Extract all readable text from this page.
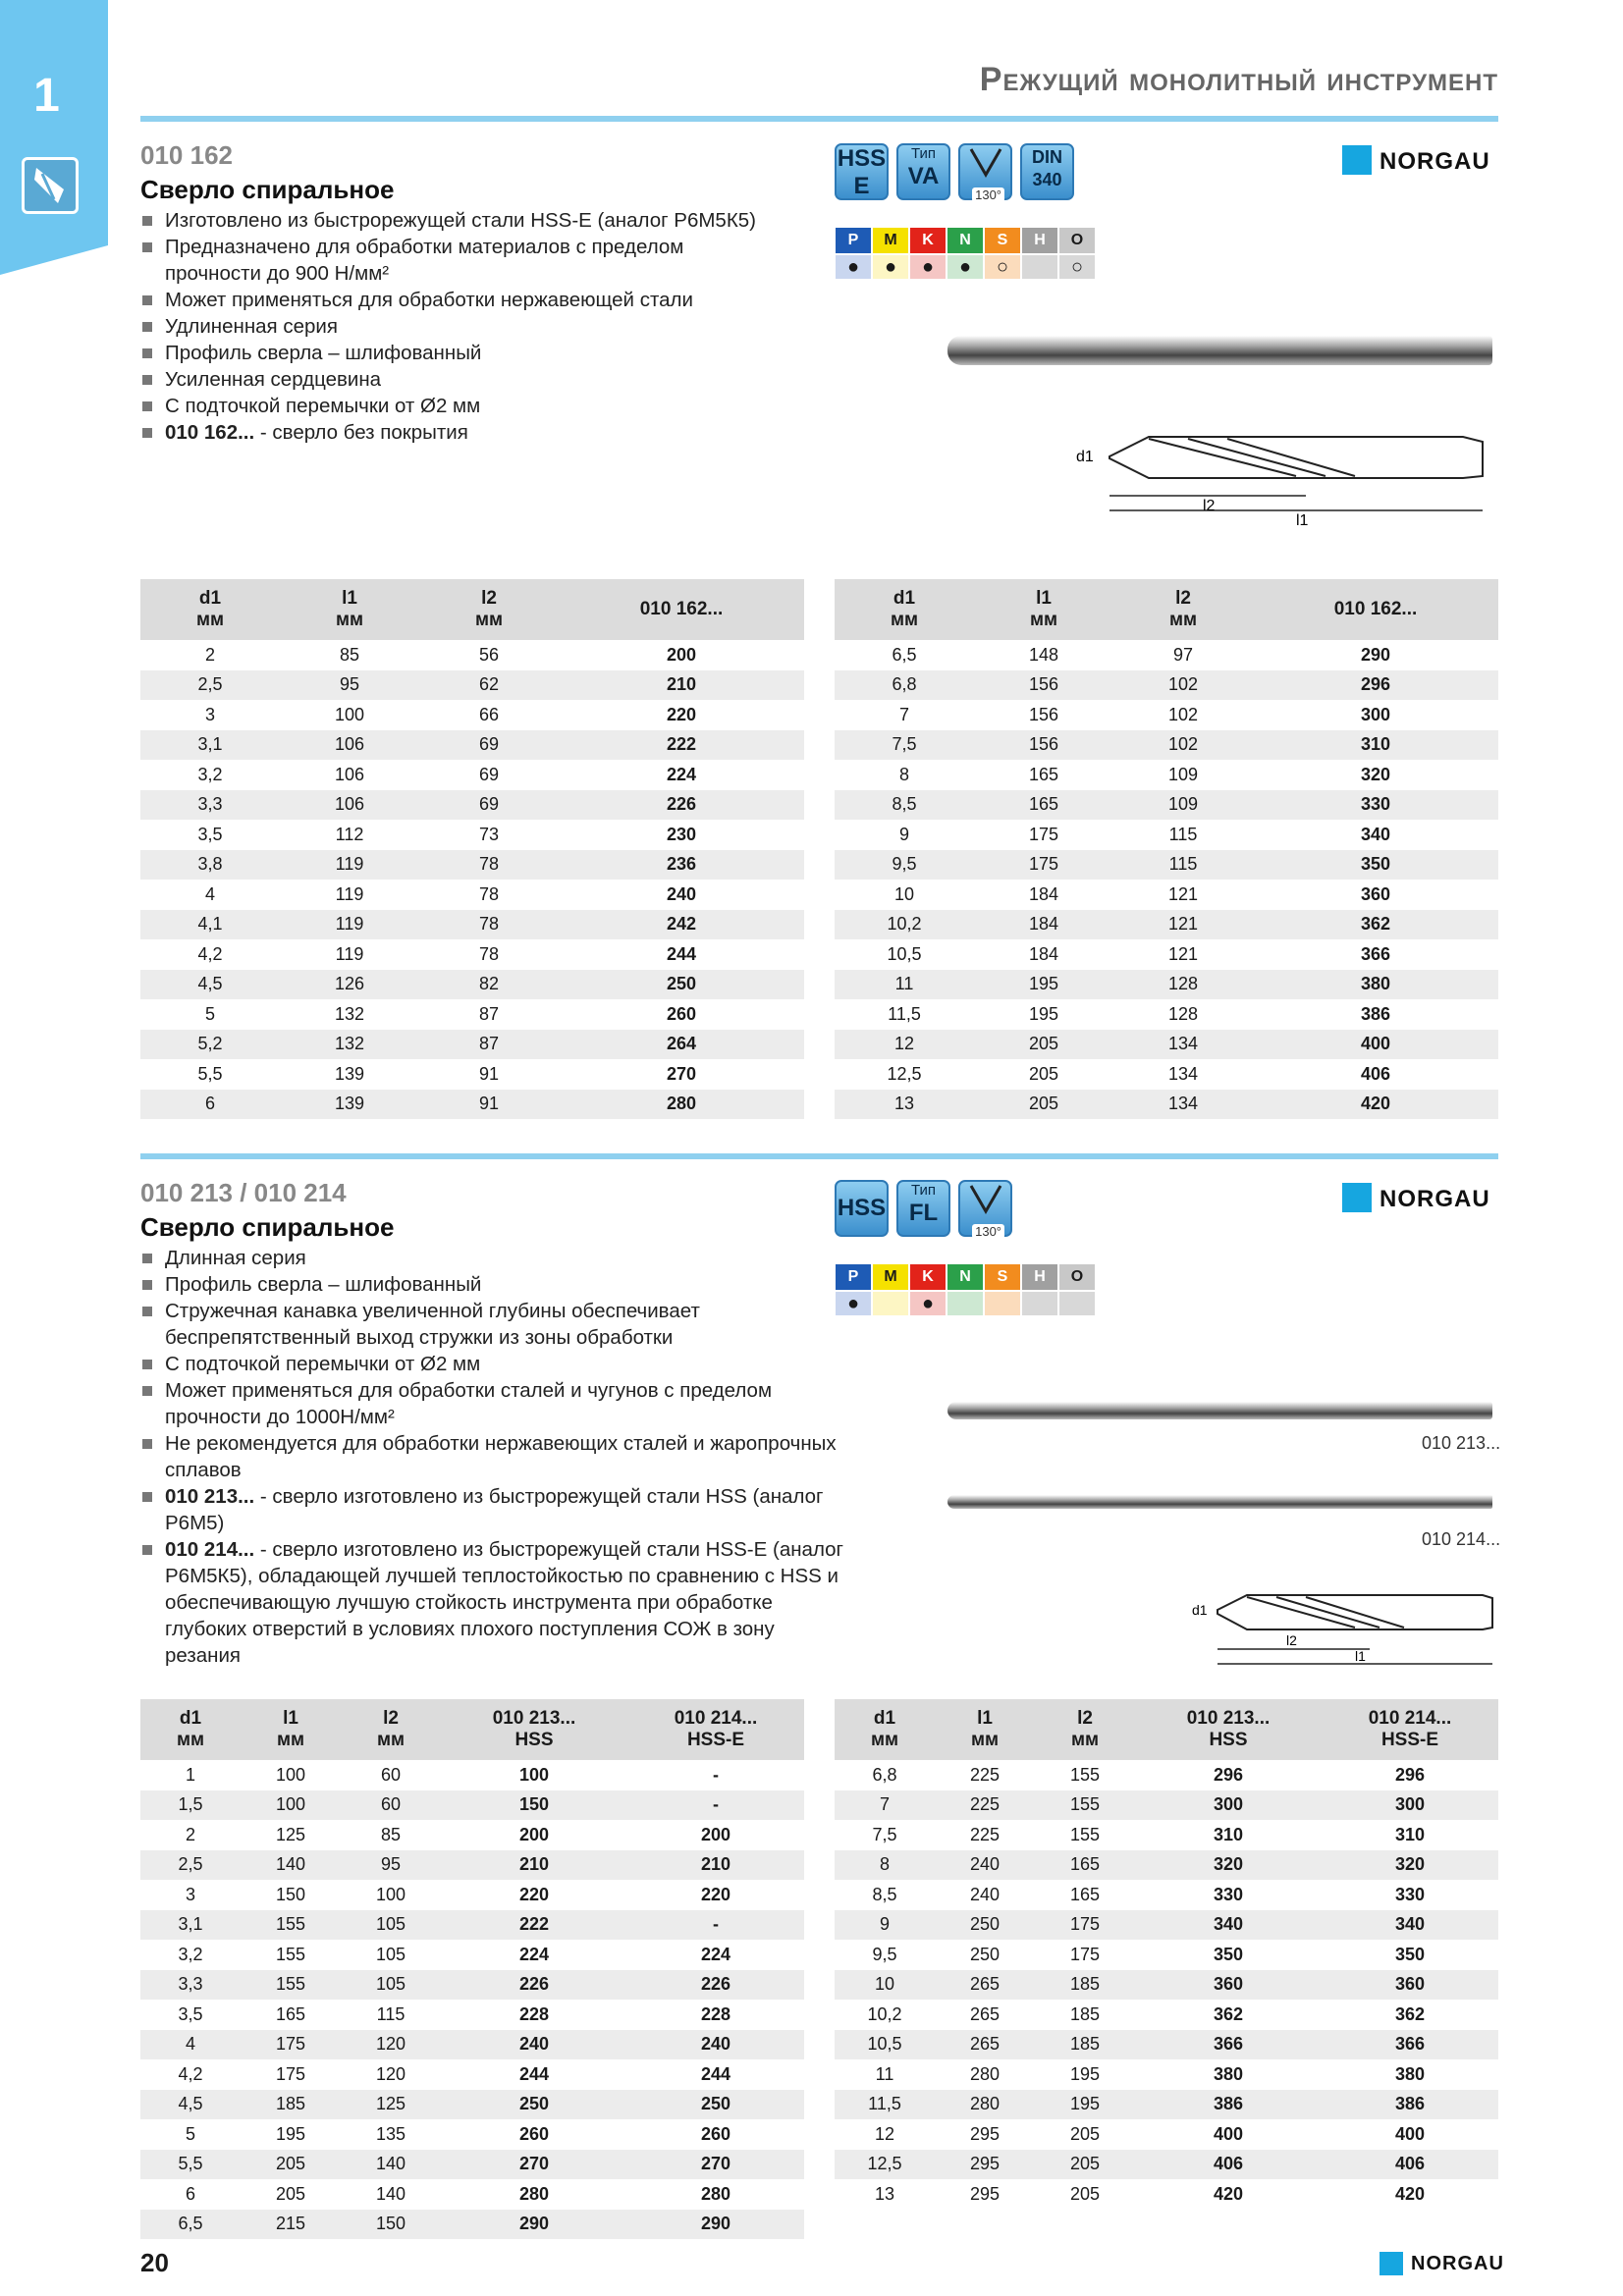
1	Режущий монолитный инструмент
010 162
Сверло спиральное
Изготовлено из быстрорежущей стали HSS-E (аналог Р6М5К5)
Предназначено для обработки материалов с пределом прочности до 900 Н/мм²
Может применяться для обработки нержавеющей стали
Удлиненная серия
Профиль сверла – шлифованный
Усиленная сердцевина
С подточкой перемычки от Ø2 мм
010 162... - сверло без покрытия
HSS
E
Тип
VA
130°
DIN
340
NORGAU
P	M	K	N	S	H	O
●	●	●	●	○		○
d1
l2
l1
d1
мм	l1
мм	l2
мм	010 162...
2	85	56	200
2,5	95	62	210
3	100	66	220
3,1	106	69	222
3,2	106	69	224
3,3	106	69	226
3,5	112	73	230
3,8	119	78	236
4	119	78	240
4,1	119	78	242
4,2	119	78	244
4,5	126	82	250
5	132	87	260
5,2	132	87	264
5,5	139	91	270
6	139	91	280
d1
мм	l1
мм	l2
мм	010 162...
6,5	148	97	290
6,8	156	102	296
7	156	102	300
7,5	156	102	310
8	165	109	320
8,5	165	109	330
9	175	115	340
9,5	175	115	350
10	184	121	360
10,2	184	121	362
10,5	184	121	366
11	195	128	380
11,5	195	128	386
12	205	134	400
12,5	205	134	406
13	205	134	420
010 213 / 010 214
Сверло спиральное
Длинная серия
Профиль сверла – шлифованный
Стружечная канавка увеличенной глубины обеспечивает беспрепятственный выход стружки из зоны обработки
С подточкой перемычки от Ø2 мм
Может применяться для обработки сталей и чугунов с пределом прочности до 1000Н/мм²
Не рекомендуется для обработки нержавеющих сталей и жаропрочных сплавов
010 213... - сверло изготовлено из быстрорежущей стали HSS (аналог Р6М5)
010 214... - сверло изготовлено из быстрорежущей стали HSS-E (аналог Р6М5К5), обладающей лучшей теплостойкостью по сравнению с HSS и обеспечивающую лучшую стойкость инструмента при обработке глубоких отверстий в условиях плохого поступления СОЖ в зону резания
HSS
Тип
FL
130°
NORGAU
P	M	K	N	S	H	O
●		●				
010 213...
010 214...
d1
l2
l1
d1
мм	l1
мм	l2
мм	010 213...
HSS	010 214...
HSS-E
1	100	60	100	-
1,5	100	60	150	-
2	125	85	200	200
2,5	140	95	210	210
3	150	100	220	220
3,1	155	105	222	-
3,2	155	105	224	224
3,3	155	105	226	226
3,5	165	115	228	228
4	175	120	240	240
4,2	175	120	244	244
4,5	185	125	250	250
5	195	135	260	260
5,5	205	140	270	270
6	205	140	280	280
6,5	215	150	290	290
d1
мм	l1
мм	l2
мм	010 213...
HSS	010 214...
HSS-E
6,8	225	155	296	296
7	225	155	300	300
7,5	225	155	310	310
8	240	165	320	320
8,5	240	165	330	330
9	250	175	340	340
9,5	250	175	350	350
10	265	185	360	360
10,2	265	185	362	362
10,5	265	185	366	366
11	280	195	380	380
11,5	280	195	386	386
12	295	205	400	400
12,5	295	205	406	406
13	295	205	420	420
20	NORGAU
